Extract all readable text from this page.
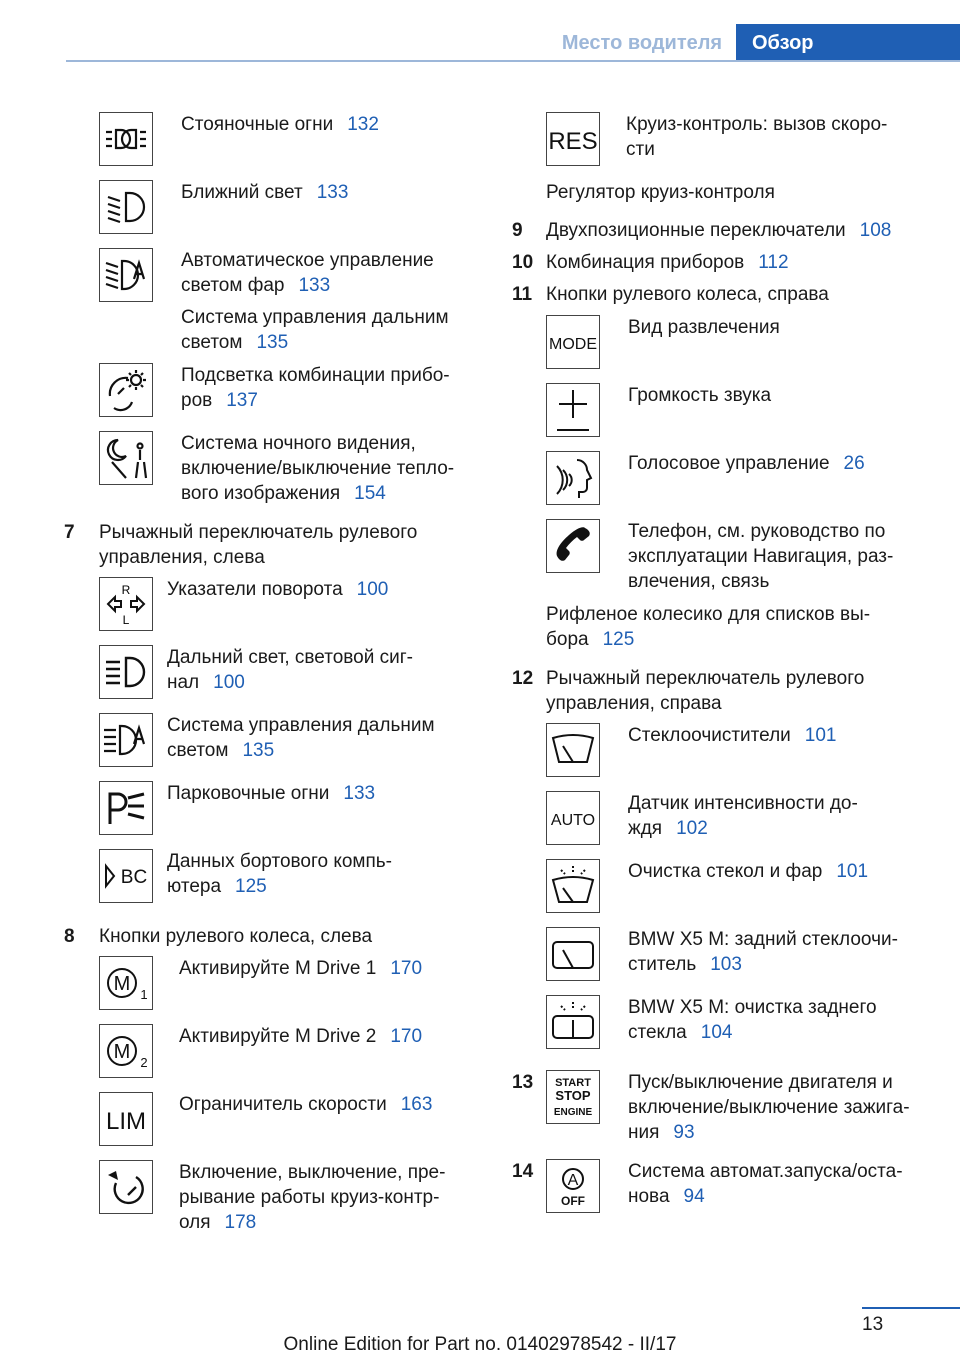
Место водителя	Обзор
Стояночные огни 132
Ближний свет 133
Автоматическое управление
светом фар 133
Система управления дальним
светом 135
Подсветка комбинации прибо-
ров 137
Система ночного видения,
включение/выключение тепло-
вого изображения 154
7 Рычажный переключатель рулевого
управления, слева
R
L
Указатели поворота 100
Дальний свет, световой сиг-
нал 100
Система управления дальним
светом 135
Парковочные огни 133
BC
Данных бортового компь-
ютера 125
8 Кнопки рулевого колеса, слева
M 1
Активируйте M Drive 1 170
M 2
Активируйте M Drive 2 170
LIM
Ограничитель скорости 163
Включение, выключение, пре-
рывание работы круиз-контр-
оля 178
RES
Круиз-контроль: вызов скоро-
сти
Регулятор круиз-контроля
9 Двухпозиционные переключатели 108
10 Комбинация приборов 112
11 Кнопки рулевого колеса, справа
MODE
Вид развлечения
Громкость звука
Голосовое управление 26
Телефон, см. руководство по
эксплуатации Навигация, раз-
влечения, связь
Рифленое колесико для списков вы-
бора 125
12 Рычажный переключатель рулевого
управления, справа
Стеклоочистители 101
AUTO
Датчик интенсивности до-
ждя 102
Очистка стекол и фар 101
BMW X5 M: задний стеклоочи-
ститель 103
BMW X5 M: очистка заднего
стекла 104
13 START
STOP
ENGINE
Пуск/выключение двигателя и
включение/выключение зажига-
ния 93
14 A
OFF
Система автомат.запуска/оста-
нова 94
13
Online Edition for Part no. 01402978542 - II/17
